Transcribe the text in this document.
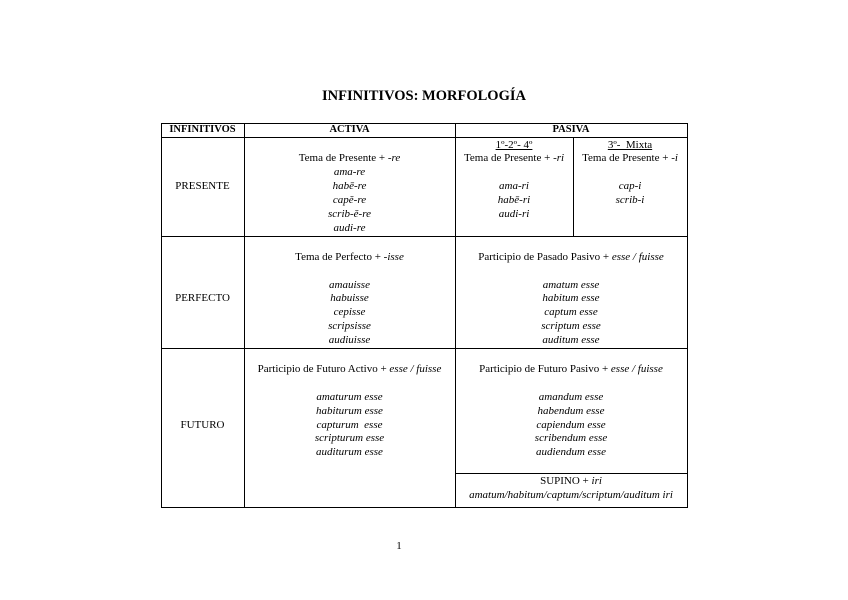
INFINITIVOS: MORFOLOGÍA
INFINITIVOS	ACTIVA	PASIVA
PRESENTE
Tema de Presente + -re
ama-re
habē-re
capĕ-re
scrib-ĕ-re
audi-re
1º-2º- 4º
Tema de Presente + -ri
ama-ri
habē-ri
audi-ri
3º-  Mixta
Tema de Presente + -i
cap-i
scrib-i
PERFECTO
Tema de Perfecto + -isse
amauisse
habuisse
cepisse
scripsisse
audiuisse
Participio de Pasado Pasivo + esse / fuisse
amatum esse
habitum esse
captum esse
scriptum esse
auditum esse
FUTURO
Participio de Futuro Activo + esse / fuisse
amaturum esse
habiturum esse
capturum  esse
scripturum esse
auditurum esse
Participio de Futuro Pasivo + esse / fuisse
amandum esse
habendum esse
capiendum esse
scribendum esse
audiendum esse
SUPINO + iri
amatum/habitum/captum/scriptum/auditum iri
1
